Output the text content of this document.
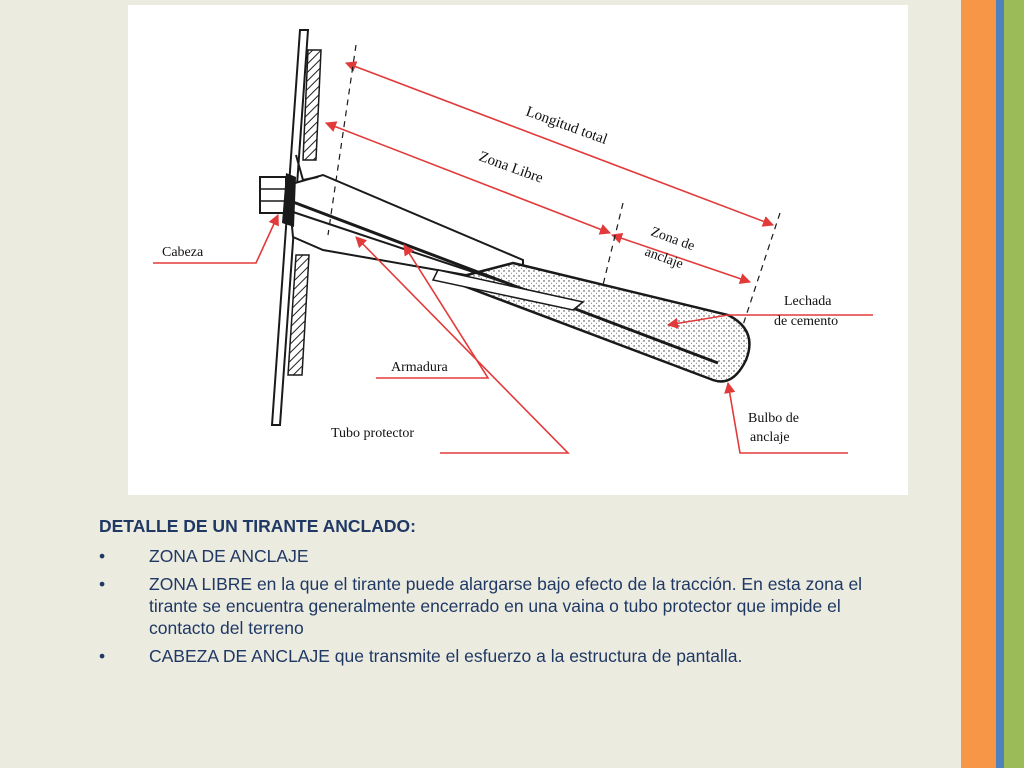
Longitud total
Zona Libre
Zona de
anclaje
Lechada
de cemento
Cabeza
Armadura
Tubo protector
Bulbo de
anclaje
DETALLE DE UN TIRANTE ANCLADO:
•	ZONA DE ANCLAJE
•	ZONA LIBRE en la que el tirante puede alargarse bajo efecto de la tracción. En esta zona el tirante se encuentra generalmente encerrado en una vaina o tubo protector que impide el contacto del terreno
•	CABEZA DE ANCLAJE que transmite el esfuerzo a la estructura de pantalla.
